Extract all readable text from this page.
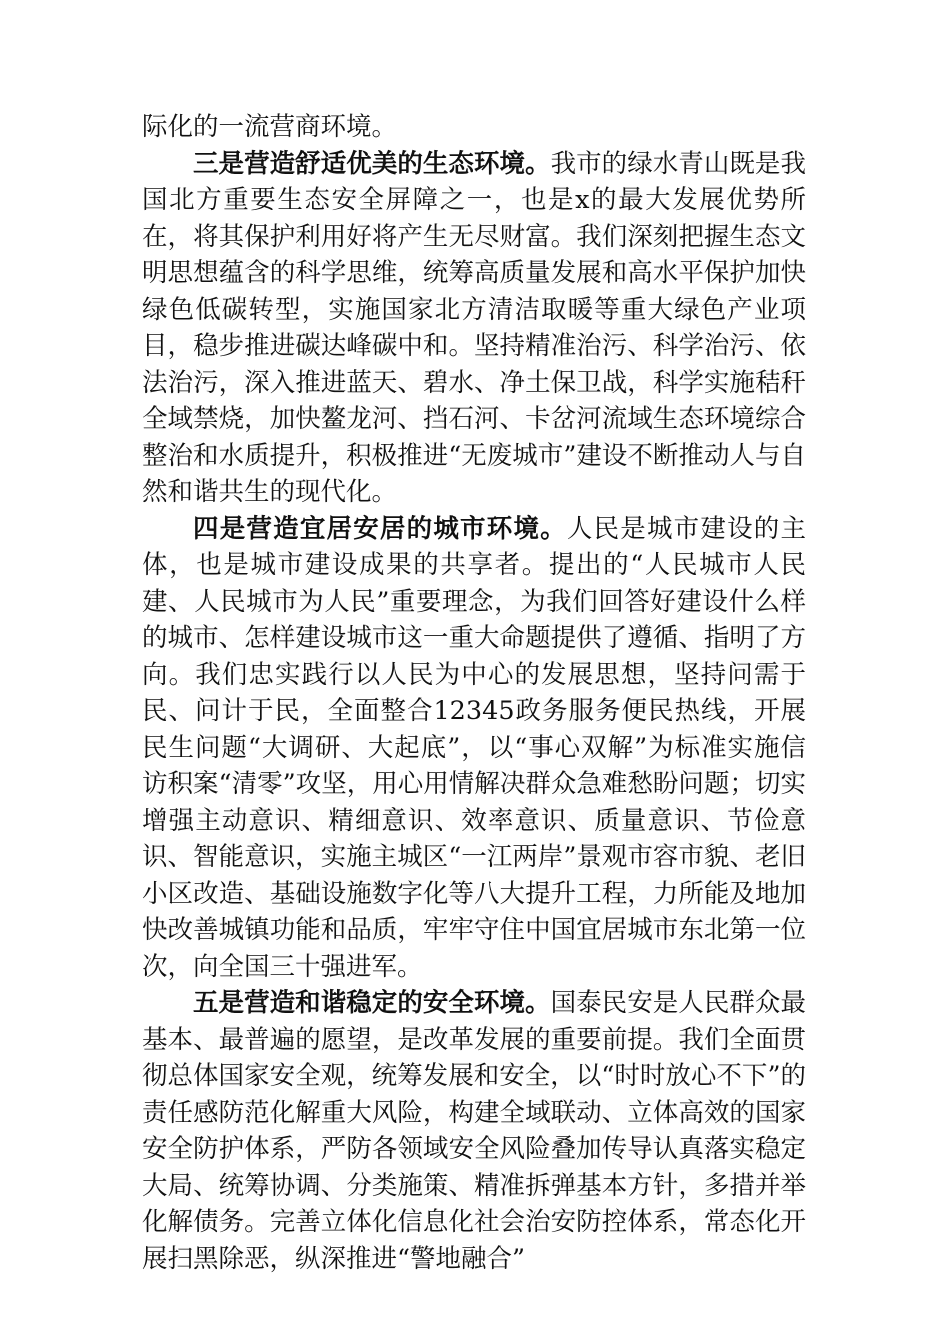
际化的一流营商环境。

三是营造舒适优美的生态环境。我市的绿水青山既是我国北方重要生态安全屏障之一，也是x的最大发展优势所在，将其保护利用好将产生无尽财富。我们深刻把握生态文明思想蕴含的科学思维，统筹高质量发展和高水平保护加快绿色低碳转型，实施国家北方清洁取暖等重大绿色产业项目，稳步推进碳达峰碳中和。坚持精准治污、科学治污、依法治污，深入推进蓝天、碧水、净土保卫战，科学实施秸秆全域禁烧，加快鳌龙河、挡石河、卡岔河流域生态环境综合整治和水质提升，积极推进“无废城市”建设不断推动人与自然和谐共生的现代化。

四是营造宜居安居的城市环境。人民是城市建设的主体，也是城市建设成果的共享者。提出的“人民城市人民建、人民城市为人民”重要理念，为我们回答好建设什么样的城市、怎样建设城市这一重大命题提供了遵循、指明了方向。我们忠实践行以人民为中心的发展思想，坚持问需于民、问计于民，全面整合12345政务服务便民热线，开展民生问题“大调研、大起底”，以“事心双解”为标准实施信访积案“清零”攻坚，用心用情解决群众急难愁盼问题；切实增强主动意识、精细意识、效率意识、质量意识、节俭意识、智能意识，实施主城区“一江两岸”景观市容市貌、老旧小区改造、基础设施数字化等八大提升工程，力所能及地加快改善城镇功能和品质，牢牢守住中国宜居城市东北第一位次，向全国三十强进军。

五是营造和谐稳定的安全环境。国泰民安是人民群众最基本、最普遍的愿望，是改革发展的重要前提。我们全面贯彻总体国家安全观，统筹发展和安全，以“时时放心不下”的责任感防范化解重大风险，构建全域联动、立体高效的国家安全防护体系，严防各领域安全风险叠加传导认真落实稳定大局、统筹协调、分类施策、精准拆弹基本方针，多措并举化解债务。完善立体化信息化社会治安防控体系，常态化开展扫黑除恶，纵深推进“警地融合”
